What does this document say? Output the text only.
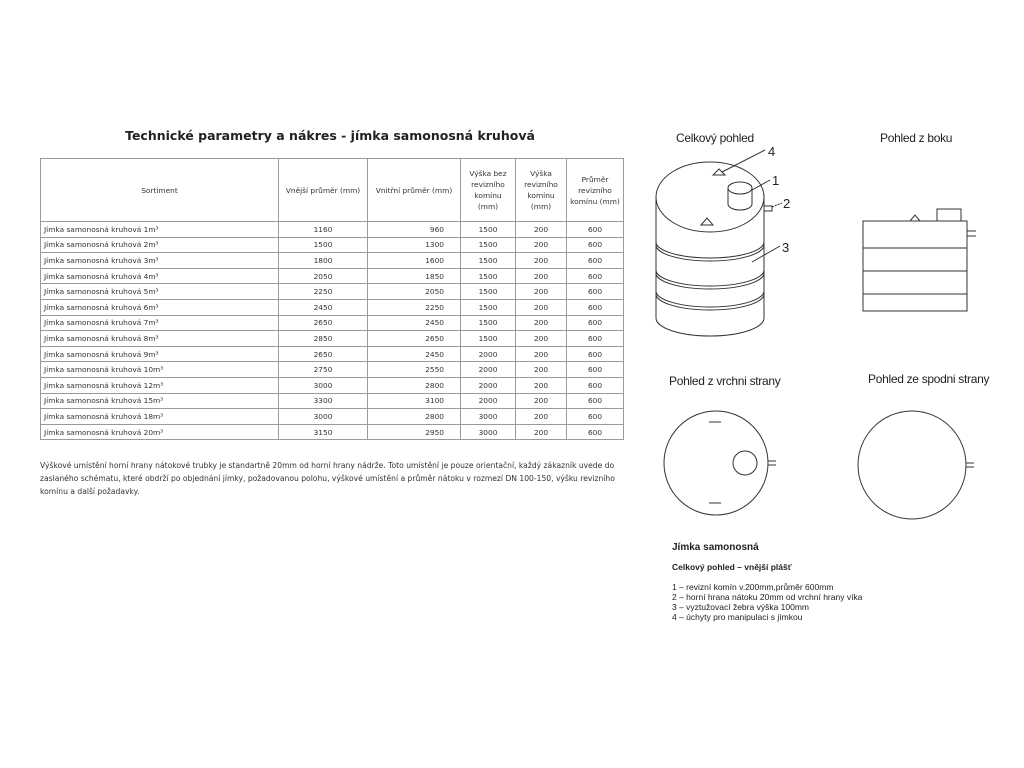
Technické parametry a nákres - jímka samonosná kruhová
Sortiment	Vnější průměr (mm)	Vnitřní průměr (mm)	Výška bez revizního komínu (mm)	Výška revizního komínu (mm)	Průměr revizního komínu (mm)
Jímka samonosná kruhová 1m³	1160	960	1500	200	600
Jímka samonosná kruhová 2m³	1500	1300	1500	200	600
Jímka samonosná kruhová 3m³	1800	1600	1500	200	600
Jímka samonosná kruhová 4m³	2050	1850	1500	200	600
Jímka samonosná kruhová 5m³	2250	2050	1500	200	600
Jímka samonosná kruhová 6m³	2450	2250	1500	200	600
Jímka samonosná kruhová 7m³	2650	2450	1500	200	600
Jímka samonosná kruhová 8m³	2850	2650	1500	200	600
Jímka samonosná kruhová 9m³	2650	2450	2000	200	600
Jímka samonosná kruhová 10m³	2750	2550	2000	200	600
Jímka samonosná kruhová 12m³	3000	2800	2000	200	600
Jímka samonosná kruhová 15m³	3300	3100	2000	200	600
Jímka samonosná kruhová 18m³	3000	2800	3000	200	600
Jímka samonosná kruhová 20m³	3150	2950	3000	200	600
Výškové umístění horní hrany nátokové trubky je standartně 20mm od horní hrany nádrže. Toto umístění je pouze orientační, každý zákazník uvede do zaslaného schématu, které obdrží po objednání jímky, požadovanou polohu, výškové umístění a průměr nátoku v rozmezí DN 100-150, výšku revizního komínu a další požadavky.
Celkový pohled	Pohled z boku
Pohled z vrchni strany	Pohled ze spodni strany
4
1
2
3
Jímka samonosná
Celkový pohled – vnější plášť
1 – revizní komín v.200mm,průměr 600mm
2 – horní hrana nátoku 20mm od vrchní hrany víka
3 – vyztužovací žebra výška 100mm
4 – úchyty pro manipulaci s jímkou
